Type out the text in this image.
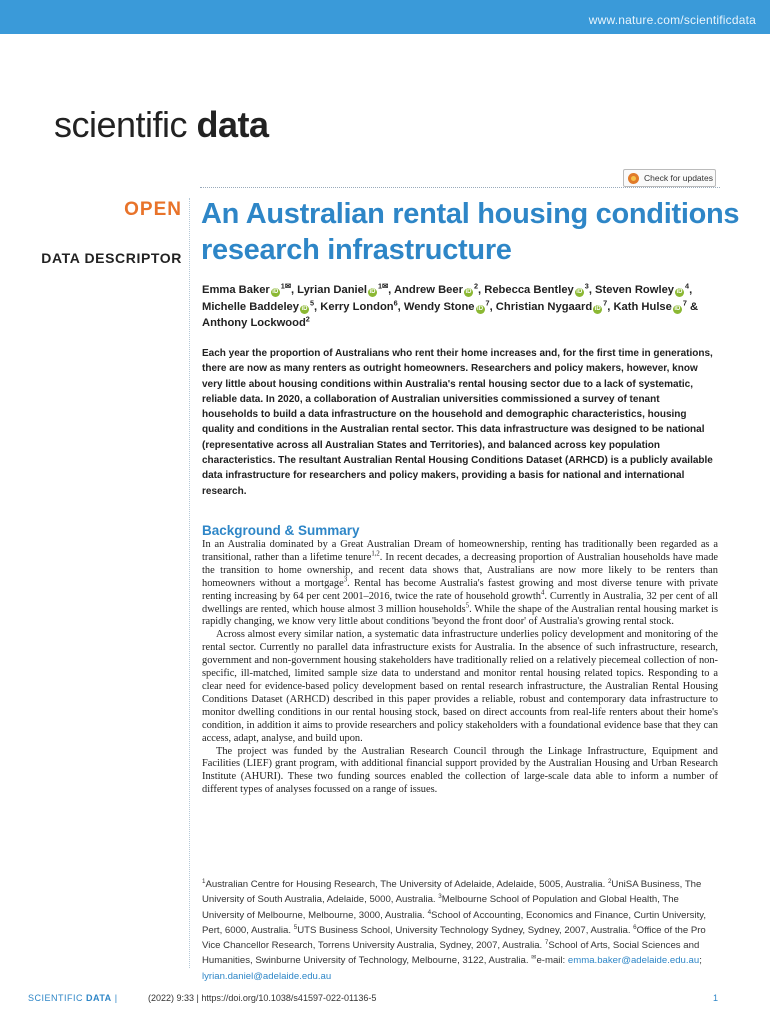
www.nature.com/scientificdata
scientific data
Check for updates
OPEN
DATA DESCRIPTOR
An Australian rental housing conditions research infrastructure
Emma Baker $iD^{1✉}$, Lyrian Daniel $iD^{1✉}$, Andrew Beer $iD^2$, Rebecca Bentley $iD^3$, Steven Rowley $iD^4$, Michelle Baddeley $iD^5$, Kerry London$^6$, Wendy Stone $iD^7$, Christian Nygaard $iD^7$, Kath Hulse $iD^7$ & Anthony Lockwood$^2$

Each year the proportion of Australians who rent their home increases and, for the first time in generations, there are now as many renters as outright homeowners. Researchers and policy makers, however, know very little about housing conditions within Australia's rental housing sector due to a lack of systematic, reliable data. In 2020, a collaboration of Australian universities commissioned a survey of tenant households to build a data infrastructure on the household and demographic characteristics, housing quality and conditions in the Australian rental sector. This data infrastructure was designed to be national (representative across all Australian States and Territories), and balanced across key population characteristics. The resultant Australian Rental Housing Conditions Dataset (ARHCD) is a publicly available data infrastructure for researchers and policy makers, providing a basis for national and international research.

Background & Summary

In an Australia dominated by a Great Australian Dream of homeownership, renting has traditionally been regarded as a transitional, rather than a lifetime tenure$^{1,2}$. In recent decades, a decreasing proportion of Australian households have made the transition to home ownership, and recent data shows that, Australians are now more likely to be renters than homeowners without a mortgage$^3$. Rental has become Australia's fastest growing and most diverse tenure with private renting increasing by 64 per cent 2001–2016, twice the rate of household growth$^4$. Currently in Australia, 32 per cent of all dwellings are rented, which house almost 3 million households$^5$. While the shape of the Australian rental housing market is rapidly changing, we know very little about conditions 'beyond the front door' of Australia's growing rental stock.

Across almost every similar nation, a systematic data infrastructure underlies policy development and monitoring of the rental sector. Currently no parallel data infrastructure exists for Australia. In the absence of such infrastructure, research, government and non-government housing stakeholders have traditionally relied on a relatively piecemeal collection of non-specific, ill-matched, limited sample size data to understand and monitor rental housing related topics. Responding to a clear need for evidence-based policy development based on rental research infrastructure, the Australian Rental Housing Conditions Dataset (ARHCD) described in this paper provides a reliable, robust and contemporary data infrastructure to monitor dwelling conditions in our rental housing stock, based on direct accounts from real-life renters about their home's condition, in addition it aims to provide researchers and policy stakeholders with a foundational evidence base that they can access, adapt, analyse, and build upon.

The project was funded by the Australian Research Council through the Linkage Infrastructure, Equipment and Facilities (LIEF) grant program, with additional financial support provided by the Australian Housing and Urban Research Institute (AHURI). These two funding sources enabled the collection of large-scale data able to inform a number of different types of analyses focussed on a range of issues.

$^1$Australian Centre for Housing Research, The University of Adelaide, Adelaide, 5005, Australia. $^2$UniSA Business, The University of South Australia, Adelaide, 5000, Australia. $^3$Melbourne School of Population and Global Health, The University of Melbourne, Melbourne, 3000, Australia. $^4$School of Accounting, Economics and Finance, Curtin University, Pert, 6000, Australia. $^5$UTS Business School, University Technology Sydney, Sydney, 2007, Australia. $^6$Office of the Pro Vice Chancellor Research, Torrens University Australia, Sydney, 2007, Australia. $^7$School of Arts, Social Sciences and Humanities, Swinburne University of Technology, Melbourne, 3122, Australia. ✉e-mail: emma.baker@adelaide.edu.au; lyrian.daniel@adelaide.edu.au

SCIENTIFIC DATA |	(2022) 9:33 | https://doi.org/10.1038/s41597-022-01136-5	1
